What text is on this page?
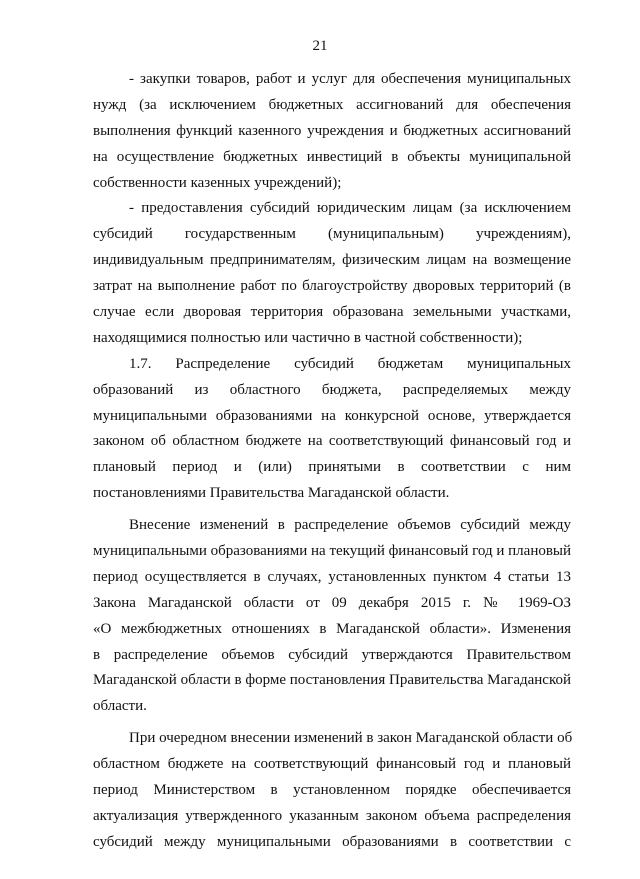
21

- закупки товаров, работ и услуг для обеспечения муниципальных
нужд (за исключением бюджетных ассигнований для обеспечения
выполнения функций казенного учреждения и бюджетных ассигнований
на осуществление бюджетных инвестиций в объекты муниципальной
собственности казенных учреждений);

- предоставления субсидий юридическим лицам (за исключением
субсидий государственным (муниципальным) учреждениям),
индивидуальным предпринимателям, физическим лицам на возмещение
затрат на выполнение работ по благоустройству дворовых территорий (в
случае если дворовая территория образована земельными участками,
находящимися полностью или частично в частной собственности);

1.7. Распределение субсидий бюджетам муниципальных
образований из областного бюджета, распределяемых между
муниципальными образованиями на конкурсной основе, утверждается
законом об областном бюджете на соответствующий финансовый год и
плановый период и (или) принятыми в соответствии с ним
постановлениями Правительства Магаданской области.

Внесение изменений в распределение объемов субсидий между
муниципальными образованиями на текущий финансовый год и плановый
период осуществляется в случаях, установленных пунктом 4 статьи 13
Закона Магаданской области от 09 декабря 2015 г. № 1969-ОЗ
«О межбюджетных отношениях в Магаданской области». Изменения
в распределение объемов субсидий утверждаются Правительством
Магаданской области в форме постановления Правительства Магаданской
области.

При очередном внесении изменений в закон Магаданской области об
областном бюджете на соответствующий финансовый год и плановый
период Министерством в установленном порядке обеспечивается
актуализация утвержденного указанным законом объема распределения
субсидий между муниципальными образованиями в соответствии с
